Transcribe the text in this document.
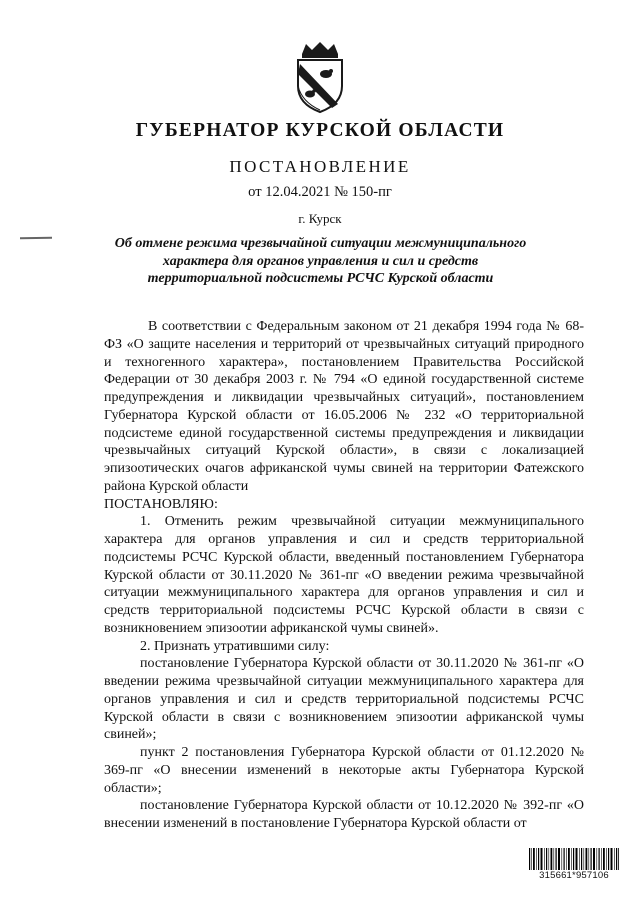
ГУБЕРНАТОР КУРСКОЙ ОБЛАСТИ
ПОСТАНОВЛЕНИЕ
от 12.04.2021 № 150-пг
г. Курск
Об отмене режима чрезвычайной ситуации межмуниципального характера для органов управления и сил и средств территориальной подсистемы РСЧС Курской области

В соответствии с Федеральным законом от 21 декабря 1994 года № 68-ФЗ «О защите населения и территорий от чрезвычайных ситуаций природного и техногенного характера», постановлением Правительства Российской Федерации от 30 декабря 2003 г. № 794 «О единой государственной системе предупреждения и ликвидации чрезвычайных ситуаций», постановлением Губернатора Курской области от 16.05.2006 № 232 «О территориальной подсистеме единой государственной системы предупреждения и ликвидации чрезвычайных ситуаций Курской области», в связи с локализацией эпизоотических очагов африканской чумы свиней на территории Фатежского района Курской области

ПОСТАНОВЛЯЮ:

1. Отменить режим чрезвычайной ситуации межмуниципального характера для органов управления и сил и средств территориальной подсистемы РСЧС Курской области, введенный постановлением Губернатора Курской области от 30.11.2020 № 361-пг «О введении режима чрезвычайной ситуации межмуниципального характера для органов управления и сил и средств территориальной подсистемы РСЧС Курской области в связи с возникновением эпизоотии африканской чумы свиней».

2. Признать утратившими силу:

постановление Губернатора Курской области от 30.11.2020 № 361-пг «О введении режима чрезвычайной ситуации межмуниципального характера для органов управления и сил и средств территориальной подсистемы РСЧС Курской области в связи с возникновением эпизоотии африканской чумы свиней»;

пункт 2 постановления Губернатора Курской области от 01.12.2020 № 369-пг «О внесении изменений в некоторые акты Губернатора Курской области»;

постановление Губернатора Курской области от 10.12.2020 № 392-пг «О внесении изменений в постановление Губернатора Курской области от

315661*957106
